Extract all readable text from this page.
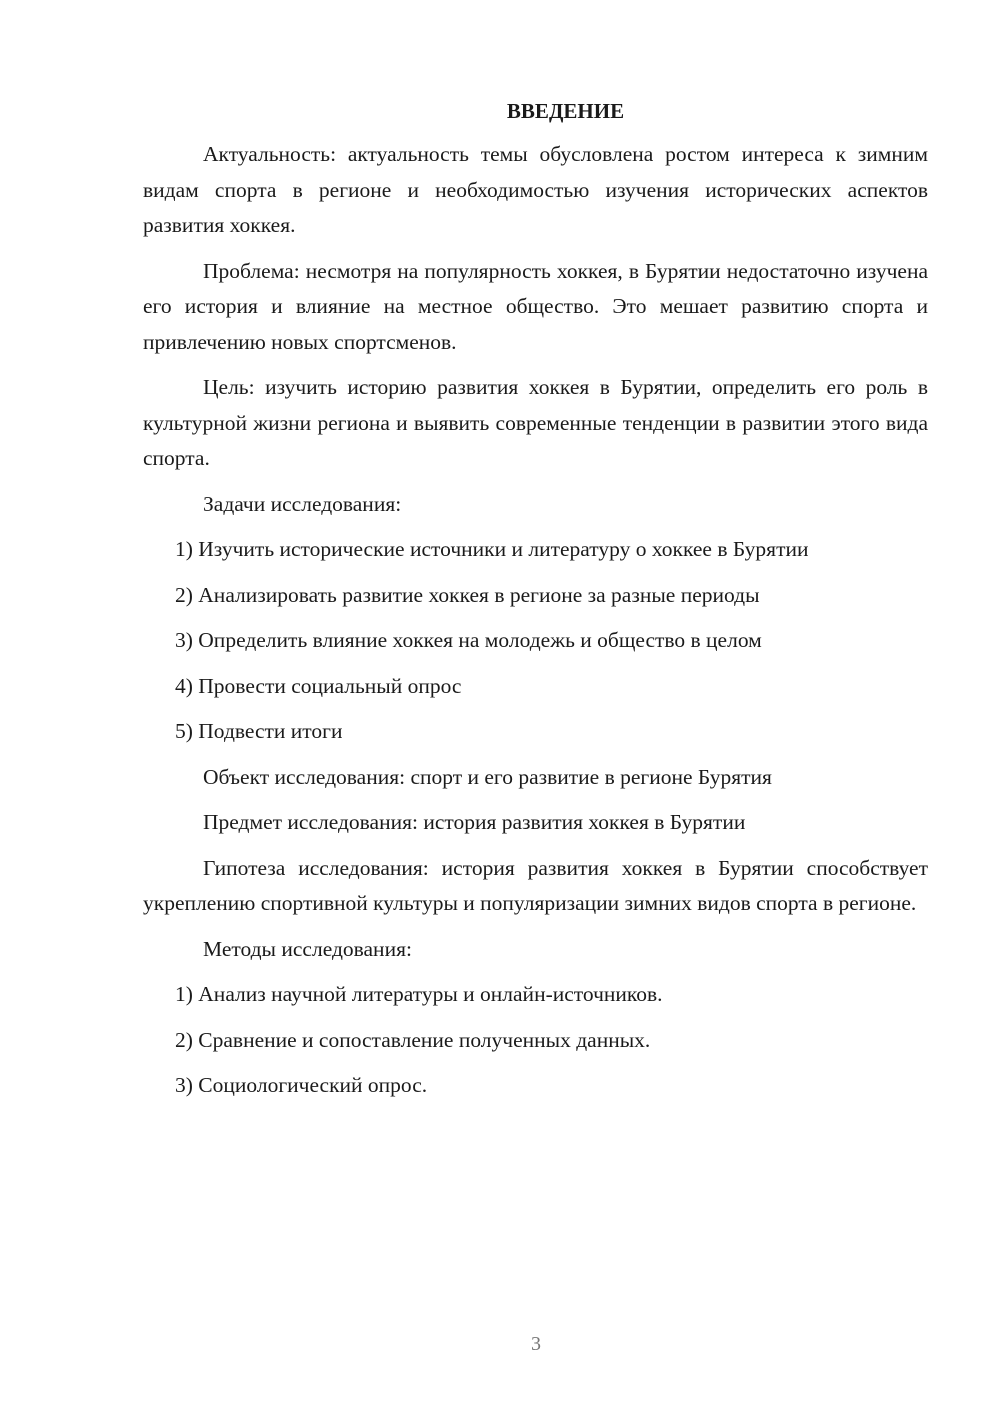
ВВЕДЕНИЕ

Актуальность: актуальность темы обусловлена ростом интереса к зимним видам спорта в регионе и необходимостью изучения исторических аспектов развития хоккея.

Проблема: несмотря на популярность хоккея, в Бурятии недостаточно изучена его история и влияние на местное общество. Это мешает развитию спорта и привлечению новых спортсменов.

Цель: изучить историю развития хоккея в Бурятии, определить его роль в культурной жизни региона и выявить современные тенденции в развитии этого вида спорта.

Задачи исследования:

1) Изучить исторические источники и литературу о хоккее в Бурятии
2) Анализировать развитие хоккея в регионе за разные периоды
3) Определить влияние хоккея на молодежь и общество в целом
4) Провести социальный опрос
5) Подвести итоги

Объект исследования: спорт и его развитие в регионе Бурятия

Предмет исследования: история развития хоккея в Бурятии

Гипотеза исследования: история развития хоккея в Бурятии способствует укреплению спортивной культуры и популяризации зимних видов спорта в регионе.

Методы исследования:

1) Анализ научной литературы и онлайн-источников.
2) Сравнение и сопоставление полученных данных.
3) Социологический опрос.
3
